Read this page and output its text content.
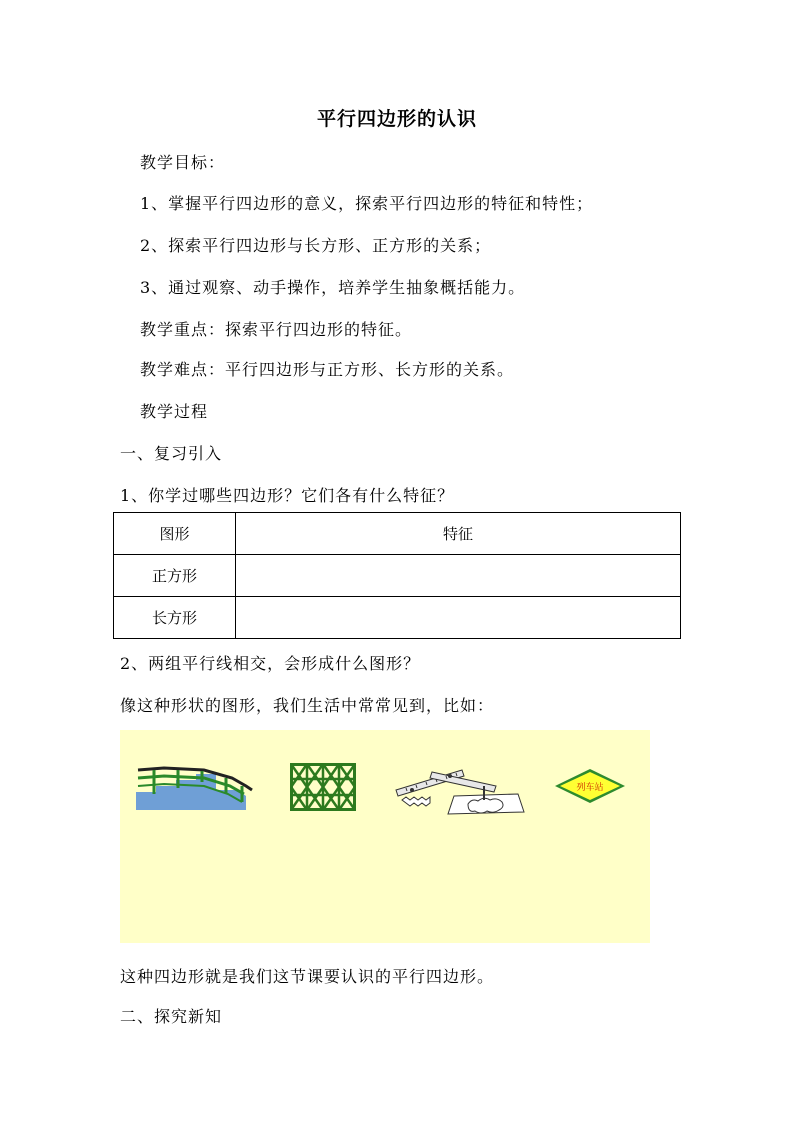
平行四边形的认识
教学目标：
1、掌握平行四边形的意义，探索平行四边形的特征和特性；
2、探索平行四边形与长方形、正方形的关系；
3、通过观察、动手操作，培养学生抽象概括能力。
教学重点：探索平行四边形的特征。
教学难点：平行四边形与正方形、长方形的关系。
教学过程
一、复习引入
1、你学过哪些四边形？它们各有什么特征？
图形	特征
正方形	
长方形	
2、两组平行线相交，会形成什么图形？
像这种形状的图形，我们生活中常常见到，比如：
列车站
这种四边形就是我们这节课要认识的平行四边形。
二、探究新知
